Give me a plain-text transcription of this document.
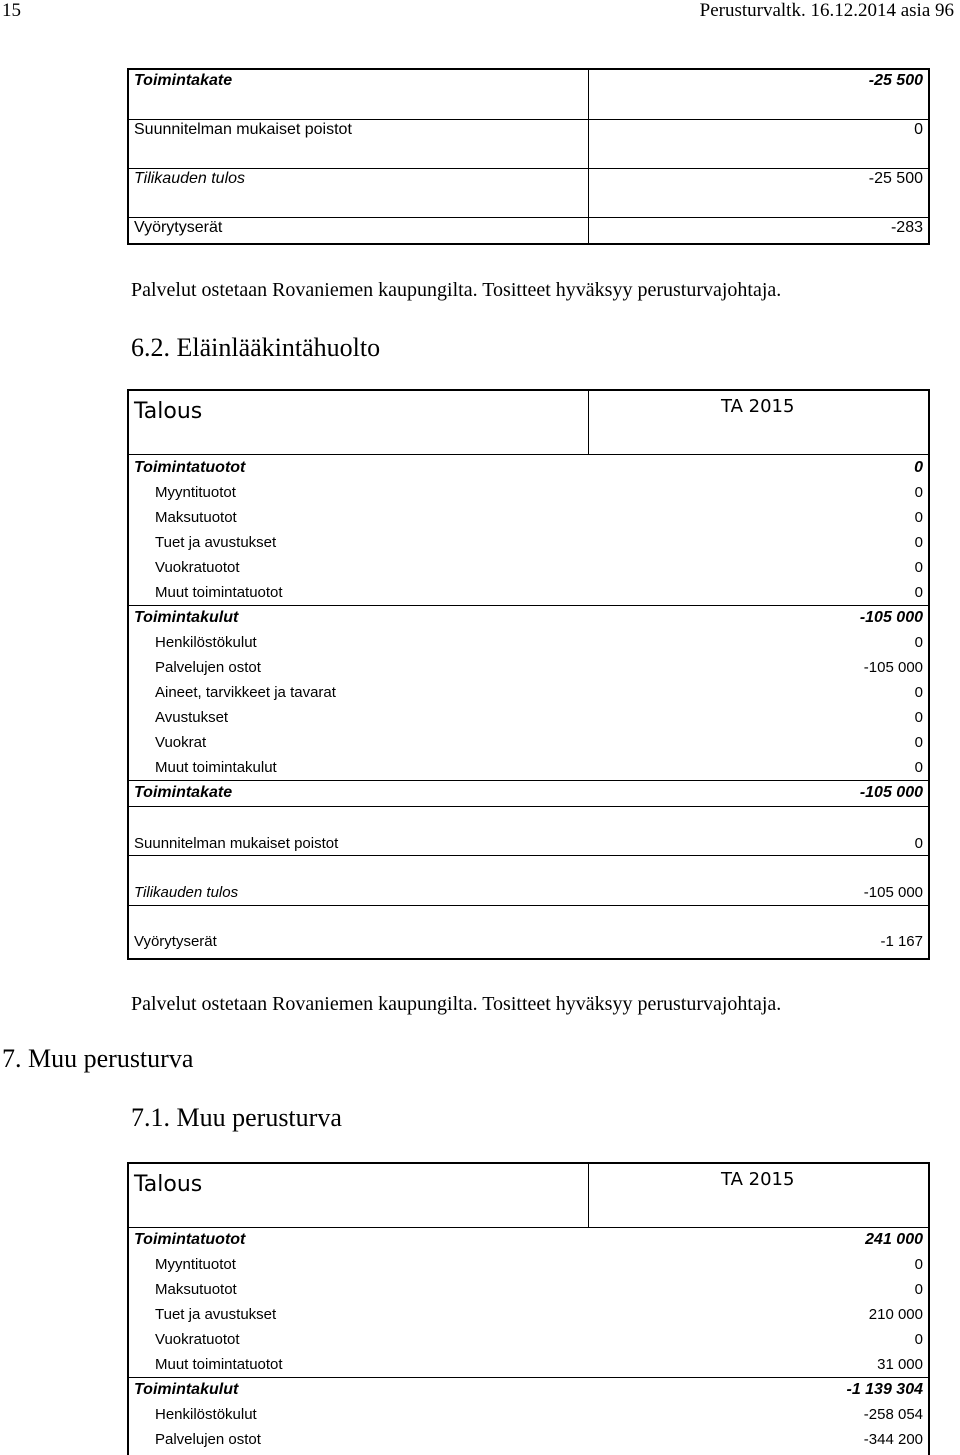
15	Perusturvaltk. 16.12.2014 asia 96
Toimintakate	-25 500
Suunnitelman mukaiset poistot	0
Tilikauden tulos	-25 500
Vyörytyserät	-283
Palvelut ostetaan Rovaniemen kaupungilta. Tositteet hyväksyy perusturvajohtaja.
6.2. Eläinlääkintähuolto
Talous	TA 2015
Toimintatuotot	0
Myyntituotot	0
Maksutuotot	0
Tuet ja avustukset	0
Vuokratuotot	0
Muut toimintatuotot	0
Toimintakulut	-105 000
Henkilöstökulut	0
Palvelujen ostot	-105 000
Aineet, tarvikkeet ja tavarat	0
Avustukset	0
Vuokrat	0
Muut toimintakulut	0
Toimintakate	-105 000
Suunnitelman mukaiset poistot	0
Tilikauden tulos	-105 000
Vyörytyserät	-1 167
Palvelut ostetaan Rovaniemen kaupungilta. Tositteet hyväksyy perusturvajohtaja.
7. Muu perusturva
7.1. Muu perusturva
Talous	TA 2015
Toimintatuotot	241 000
Myyntituotot	0
Maksutuotot	0
Tuet ja avustukset	210 000
Vuokratuotot	0
Muut toimintatuotot	31 000
Toimintakulut	-1 139 304
Henkilöstökulut	-258 054
Palvelujen ostot	-344 200
